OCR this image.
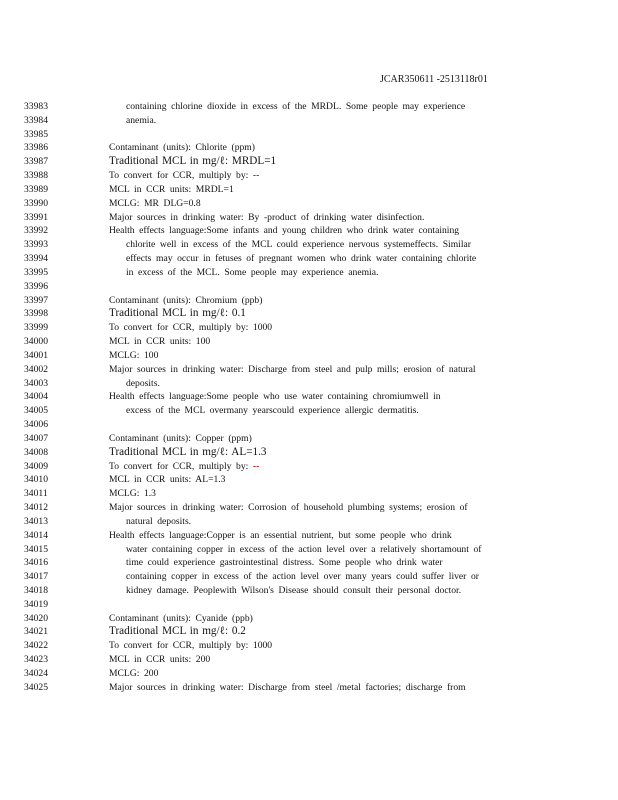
JCAR350611 -2513118r01
33983	containing chlorine dioxide in excess of the MRDL. Some people may experience
33984	anemia.
33985
33986	Contaminant (units): Chlorite (ppm)
33987	Traditional MCL in mg/ℓ: MRDL=1
33988	To convert for CCR, multiply by: --
33989	MCL in CCR units: MRDL=1
33990	MCLG: MR DLG=0.8
33991	Major sources in drinking water: By -product of drinking water disinfection.
33992	Health effects language:Some infants and young children who drink water containing
33993	chlorite well in excess of the MCL could experience nervous systemeffects. Similar
33994	effects may occur in fetuses of pregnant women who drink water containing chlorite
33995	in excess of the MCL. Some people may experience anemia.
33996
33997	Contaminant (units): Chromium (ppb)
33998	Traditional MCL in mg/ℓ: 0.1
33999	To convert for CCR, multiply by: 1000
34000	MCL in CCR units: 100
34001	MCLG: 100
34002	Major sources in drinking water: Discharge from steel and pulp mills; erosion of natural
34003	deposits.
34004	Health effects language:Some people who use water containing chromiumwell in
34005	excess of the MCL overmany yearscould experience allergic dermatitis.
34006
34007	Contaminant (units): Copper (ppm)
34008	Traditional MCL in mg/ℓ: AL=1.3
34009	To convert for CCR, multiply by: --
34010	MCL in CCR units: AL=1.3
34011	MCLG: 1.3
34012	Major sources in drinking water: Corrosion of household plumbing systems; erosion of
34013	natural deposits.
34014	Health effects language:Copper is an essential nutrient, but some people who drink
34015	water containing copper in excess of the action level over a relatively shortamount of
34016	time could experience gastrointestinal distress. Some people who drink water
34017	containing copper in excess of the action level over many years could suffer liver or
34018	kidney damage. Peoplewith Wilson's Disease should consult their personal doctor.
34019
34020	Contaminant (units): Cyanide (ppb)
34021	Traditional MCL in mg/ℓ: 0.2
34022	To convert for CCR, multiply by: 1000
34023	MCL in CCR units: 200
34024	MCLG: 200
34025	Major sources in drinking water: Discharge from steel /metal factories; discharge from
